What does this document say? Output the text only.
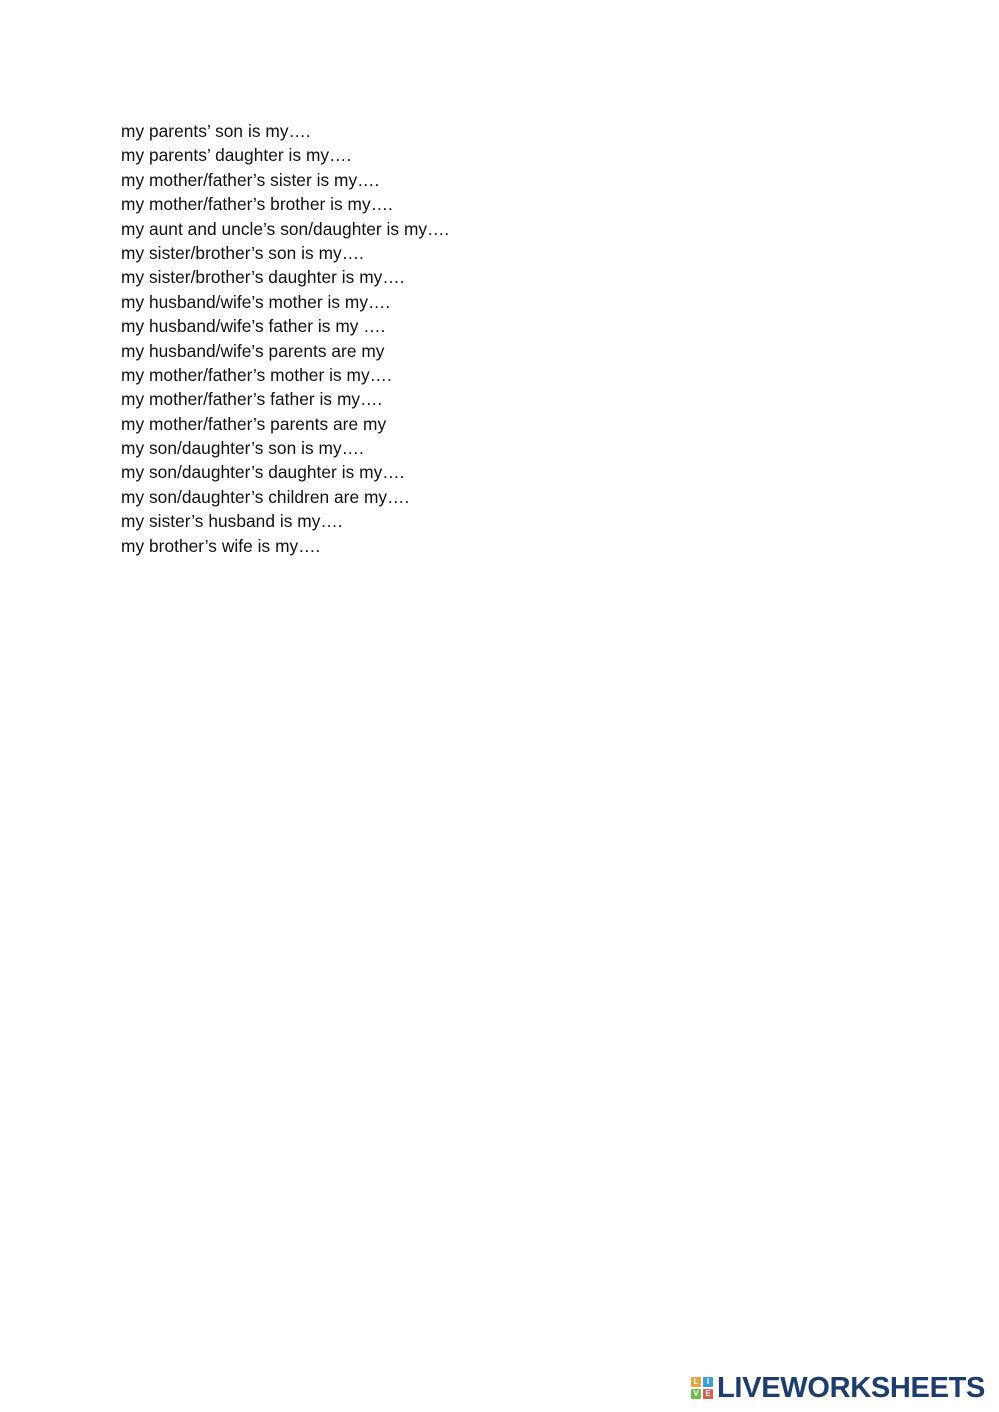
my parents’ son is my….
my parents’ daughter is my….
my mother/father’s sister is my….
my mother/father’s brother is my….
my aunt and uncle’s son/daughter is my….
my sister/brother’s son is my….
my sister/brother’s daughter is my….
my husband/wife’s mother is my….
my husband/wife’s father is my ….
my husband/wife’s parents are my
my mother/father’s mother is my….
my mother/father’s father is my….
my mother/father’s parents are my
my son/daughter’s son is my….
my son/daughter’s daughter is my….
my son/daughter’s children are my….
my sister’s husband is my….
my brother’s wife is my….
L	I
V E LIVEWORKSHEETS
